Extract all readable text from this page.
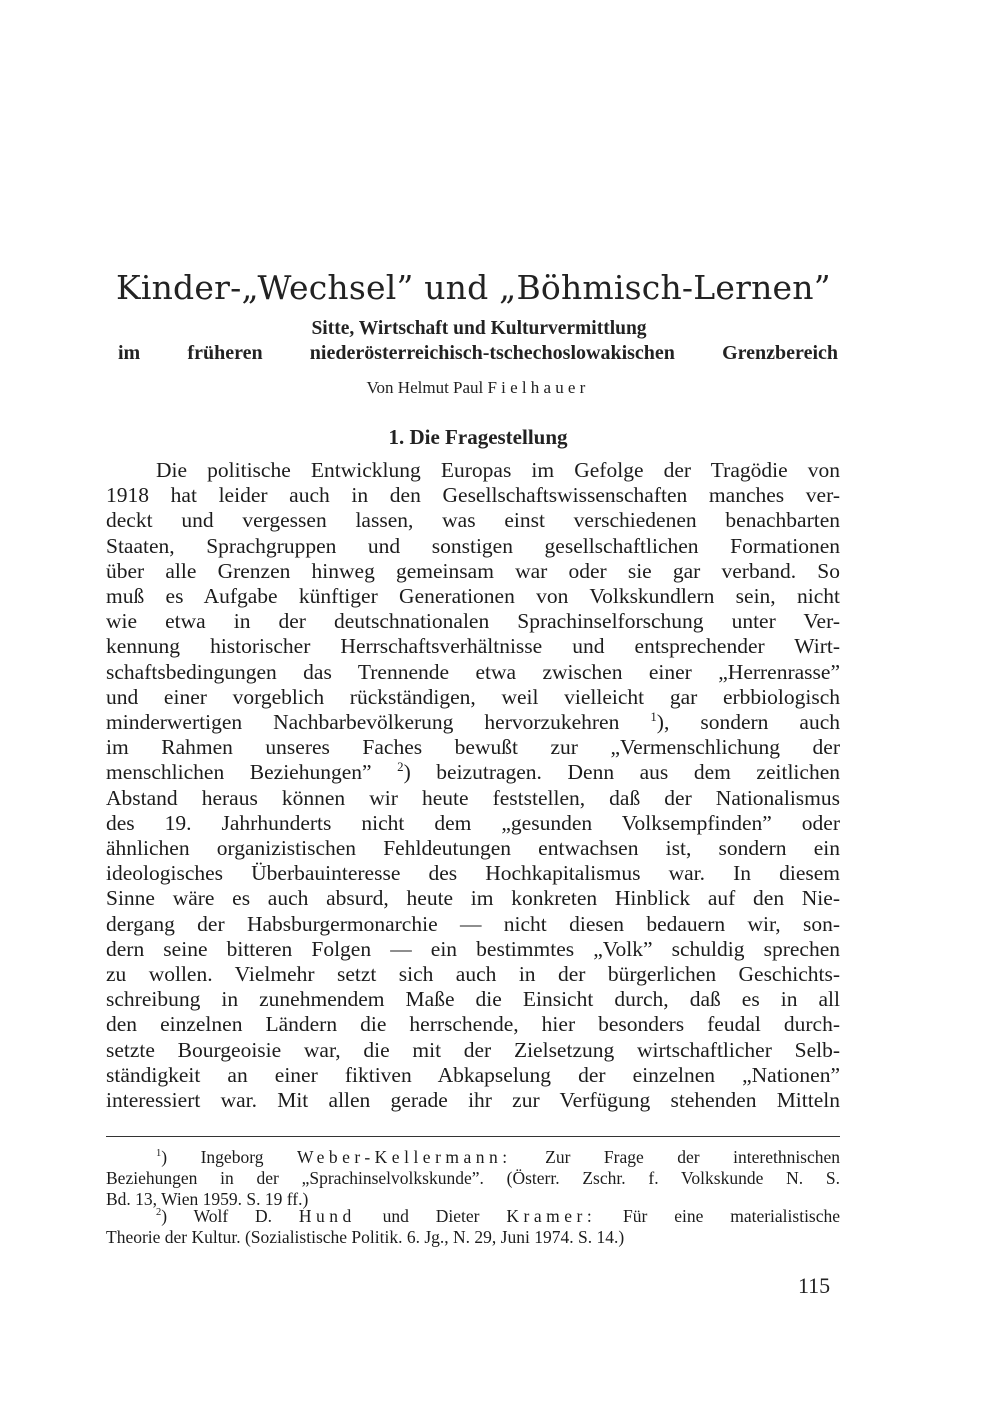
Kinder-„Wechsel” und „Böhmisch-Lernen”
Sitte, Wirtschaft und Kulturvermittlung
im früheren niederösterreichisch-tschechoslowakischen Grenzbereich
Von Helmut Paul Fielhauer
1. Die Fragestellung
Die politische Entwicklung Europas im Gefolge der Tragödie von
1918 hat leider auch in den Gesellschaftswissenschaften manches ver-
deckt und vergessen lassen, was einst verschiedenen benachbarten
Staaten, Sprachgruppen und sonstigen gesellschaftlichen Formationen
über alle Grenzen hinweg gemeinsam war oder sie gar verband. So
muß es Aufgabe künftiger Generationen von Volkskundlern sein, nicht
wie etwa in der deutschnationalen Sprachinselforschung unter Ver-
kennung historischer Herrschaftsverhältnisse und entsprechender Wirt-
schaftsbedingungen das Trennende etwa zwischen einer „Herrenrasse”
und einer vorgeblich rückständigen, weil vielleicht gar erbbiologisch
minderwertigen Nachbarbevölkerung hervorzukehren $^1$), sondern auch
im Rahmen unseres Faches bewußt zur „Vermenschlichung der
menschlichen Beziehungen” $^2$) beizutragen. Denn aus dem zeitlichen
Abstand heraus können wir heute feststellen, daß der Nationalismus
des 19. Jahrhunderts nicht dem „gesunden Volksempfinden” oder
ähnlichen organizistischen Fehldeutungen entwachsen ist, sondern ein
ideologisches Überbauinteresse des Hochkapitalismus war. In diesem
Sinne wäre es auch absurd, heute im konkreten Hinblick auf den Nie-
dergang der Habsburgermonarchie — nicht diesen bedauern wir, son-
dern seine bitteren Folgen — ein bestimmtes „Volk” schuldig sprechen
zu wollen. Vielmehr setzt sich auch in der bürgerlichen Geschichts-
schreibung in zunehmendem Maße die Einsicht durch, daß es in all
den einzelnen Ländern die herrschende, hier besonders feudal durch-
setzte Bourgeoisie war, die mit der Zielsetzung wirtschaftlicher Selb-
ständigkeit an einer fiktiven Abkapselung der einzelnen „Nationen”
interessiert war. Mit allen gerade ihr zur Verfügung stehenden Mitteln
$^1$) Ingeborg Weber-Kellermann: Zur Frage der interethnischen
Beziehungen in der „Sprachinselvolkskunde”. (Österr. Zschr. f. Volkskunde N. S.
Bd. 13, Wien 1959. S. 19 ff.)
$^2$) Wolf D. Hund und Dieter Kramer: Für eine materialistische
Theorie der Kultur. (Sozialistische Politik. 6. Jg., N. 29, Juni 1974. S. 14.)
115
